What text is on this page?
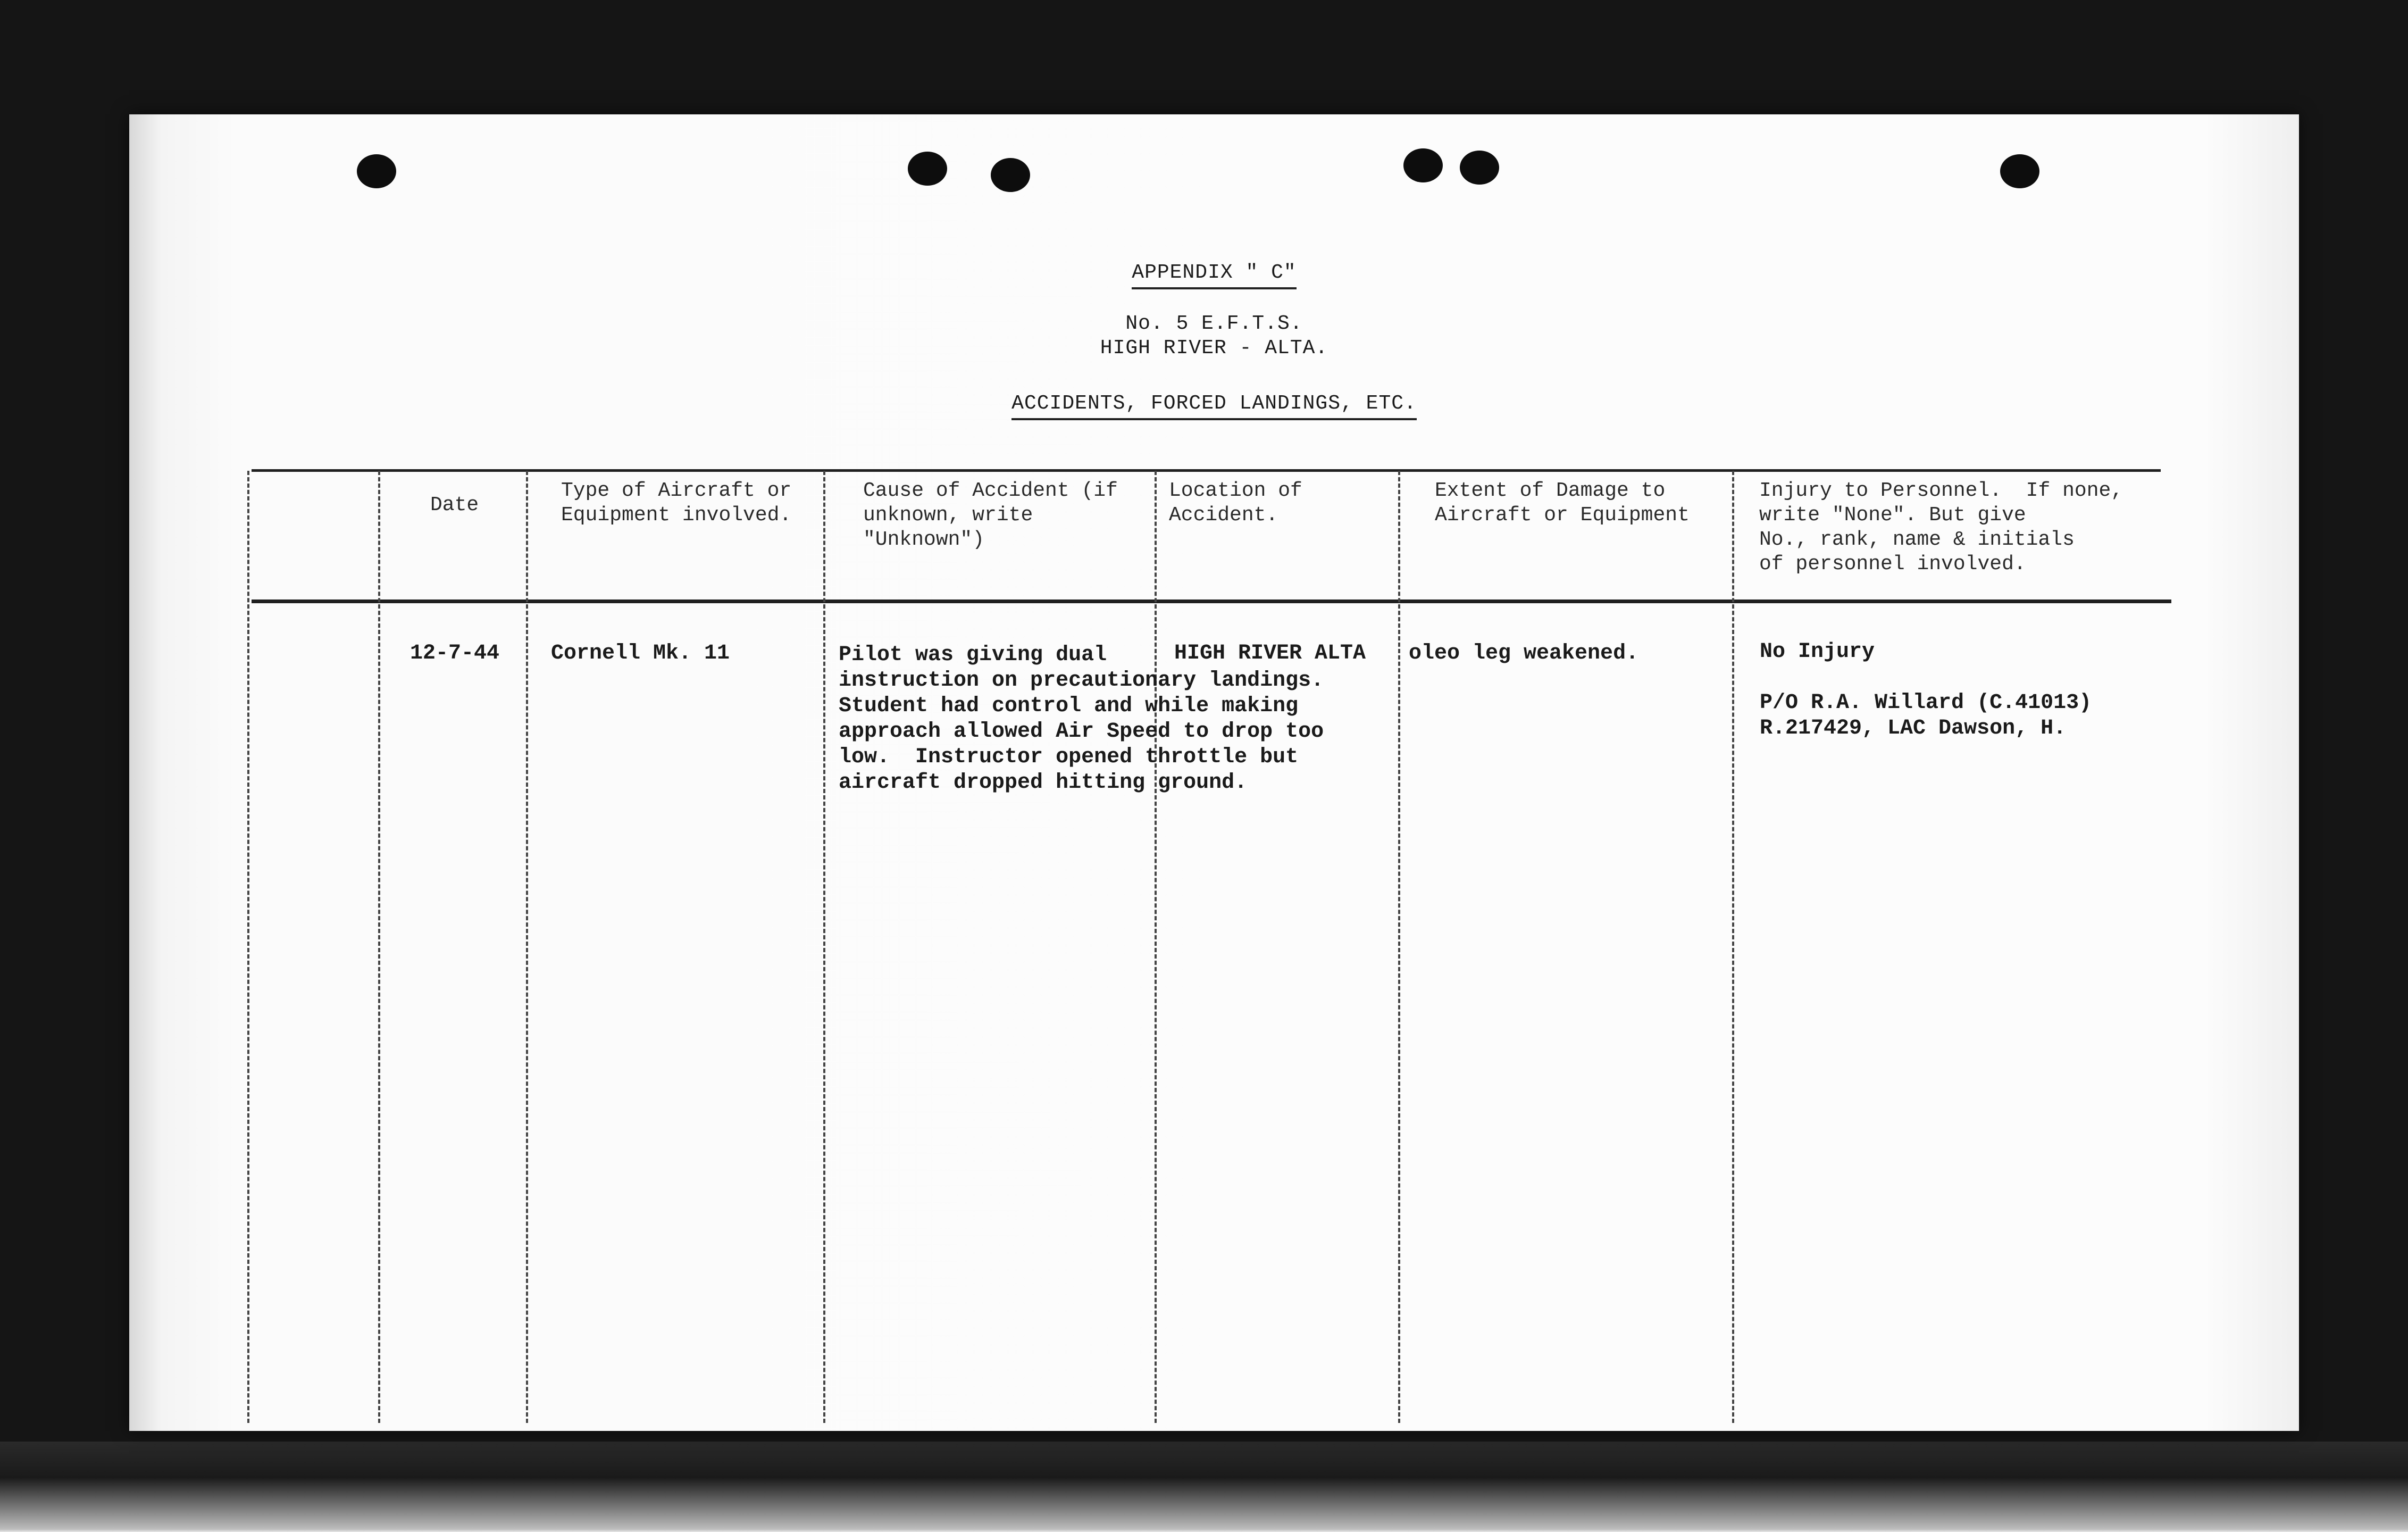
APPENDIX " C"
No. 5 E.F.T.S.
HIGH RIVER - ALTA.
ACCIDENTS, FORCED LANDINGS, ETC.
Date
Type of Aircraft or
Equipment involved.
Cause of Accident (if
unknown, write
"Unknown")
Location of
Accident.
Extent of Damage to
Aircraft or Equipment
Injury to Personnel.  If none,
write "None". But give
No., rank, name & initials
of personnel involved.
12-7-44 Cornell Mk. 11	Pilot was giving dual
instruction on precautionary landings.
Student had control and while making
approach allowed Air Speed to drop too
low.  Instructor opened throttle but
aircraft dropped hitting ground.
HIGH RIVER ALTA oleo leg weakened.	No Injury

P/O R.A. Willard (C.41013)
R.217429, LAC Dawson, H.
